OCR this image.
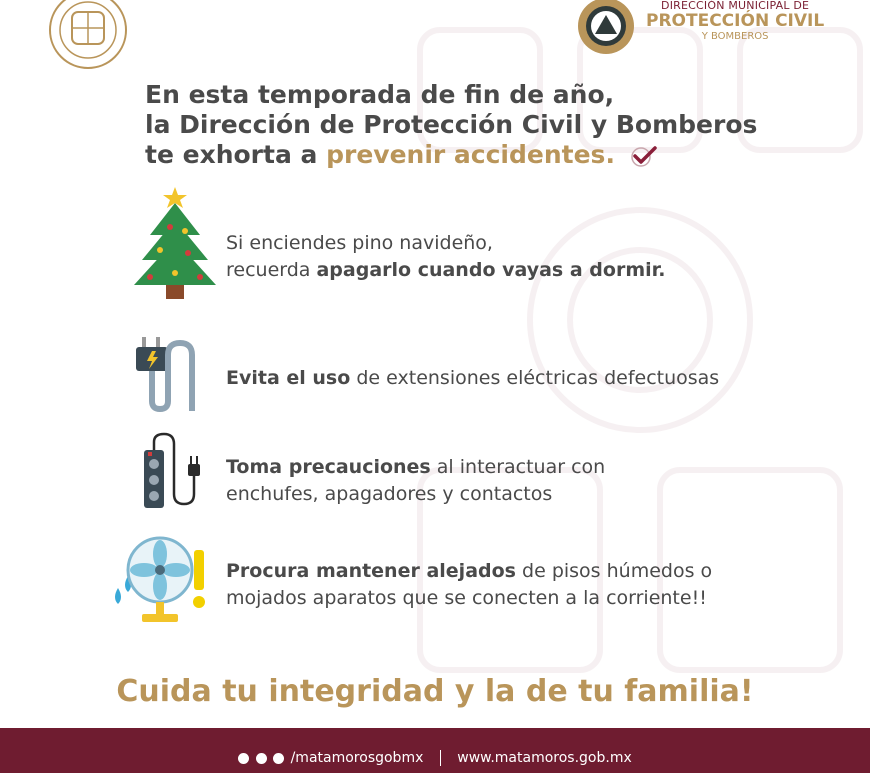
DIRECCIÓN MUNICIPAL DE
PROTECCIÓN CIVIL
Y BOMBEROS
En esta temporada de fin de año,
la Dirección de Protección Civil y Bomberos
te exhorta a prevenir accidentes.
Si enciendes pino navideño,
recuerda apagarlo cuando vayas a dormir.
Evita el uso de extensiones eléctricas defectuosas
Toma precauciones al interactuar con
enchufes, apagadores y contactos
Procura mantener alejados de pisos húmedos o
mojados aparatos que se conecten a la corriente!!
Cuida tu integridad y la de tu familia!
/matamorosgobmx www.matamoros.gob.mx
